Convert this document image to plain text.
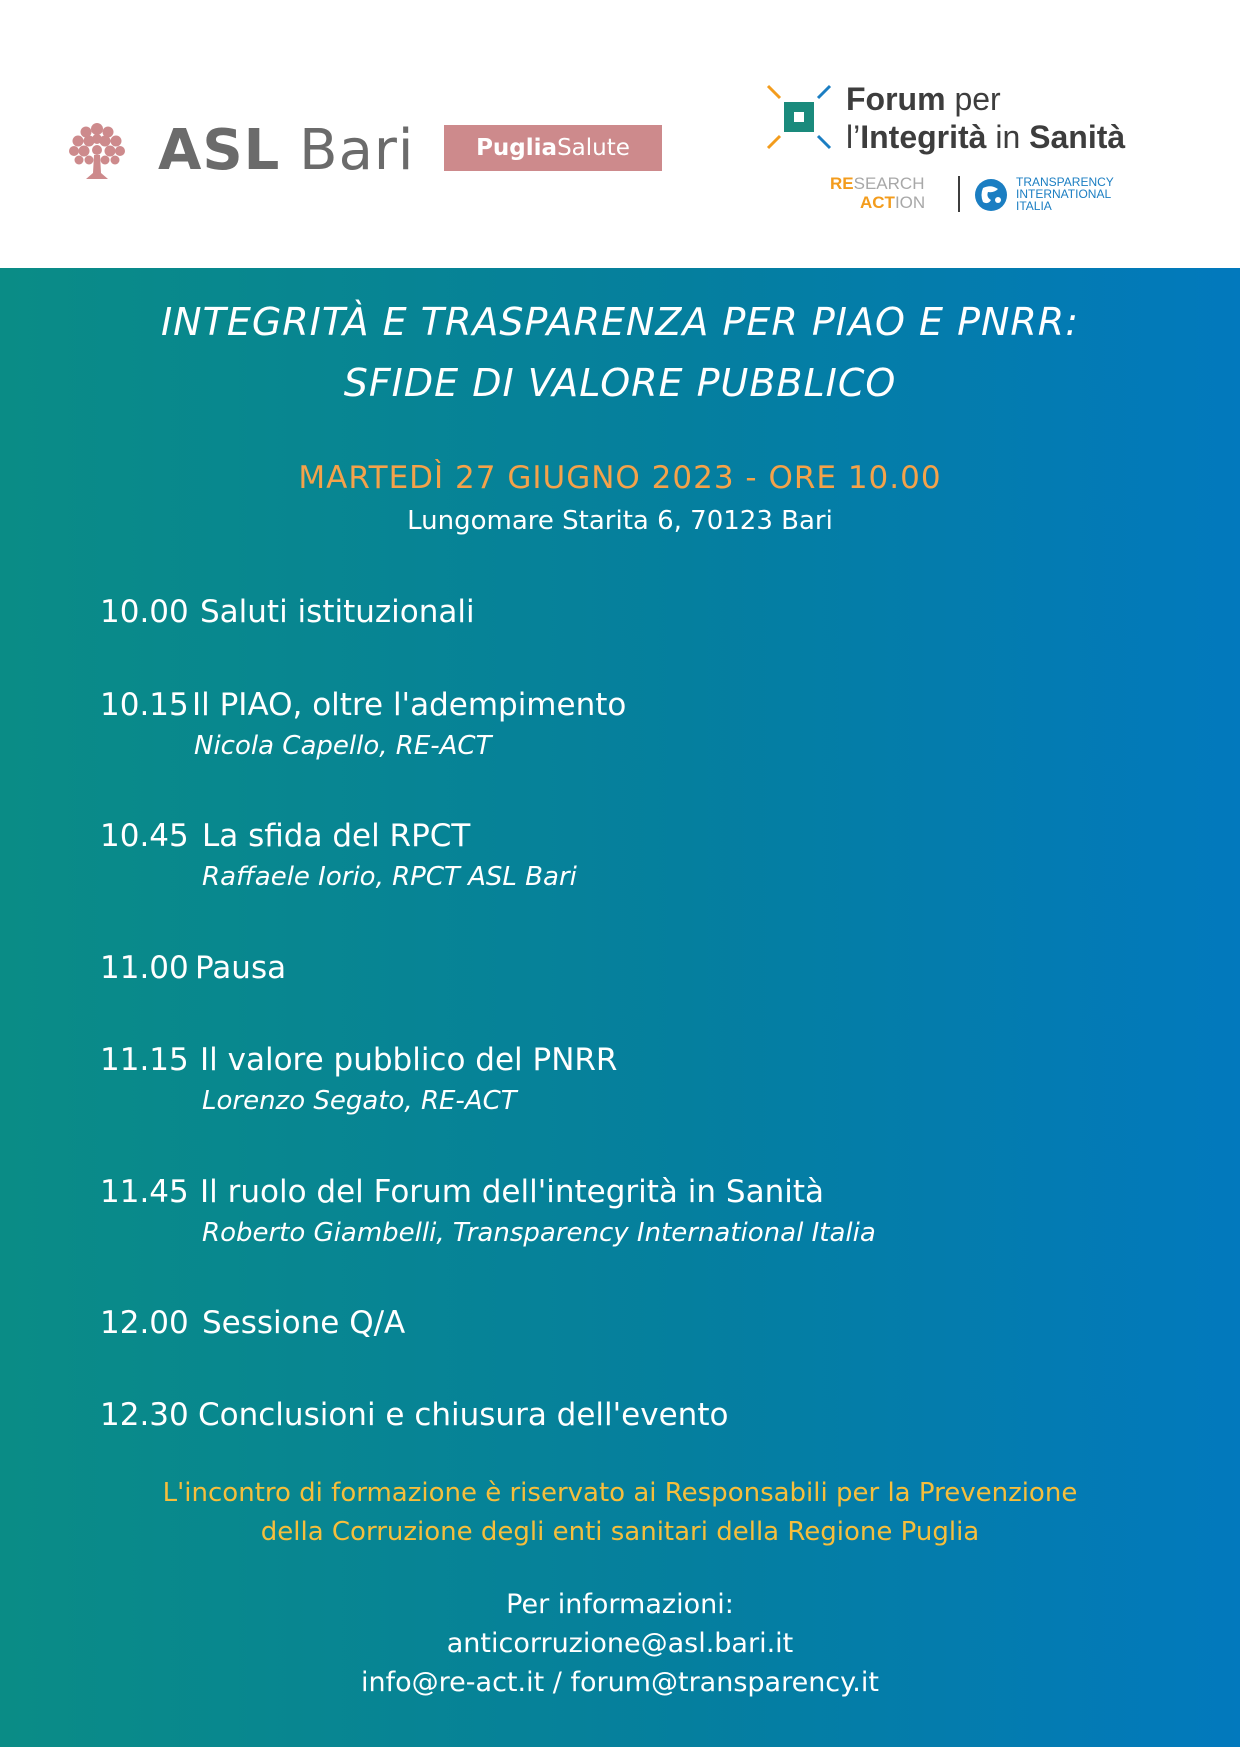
ASL Bari	PugliaSalute
Forum per
l’Integrità in Sanità
RESEARCH
ACTION
TRANSPARENCY
INTERNATIONAL
ITALIA
INTEGRITÀ E TRASPARENZA PER PIAO E PNRR:
SFIDE DI VALORE PUBBLICO
MARTEDÌ 27 GIUGNO 2023 - ORE 10.00
Lungomare Starita 6, 70123 Bari
10.00 Saluti istituzionali
10.15 Il PIAO, oltre l'adempimento
Nicola Capello, RE-ACT
10.45 La sfida del RPCT
Raffaele Iorio, RPCT ASL Bari
11.00 Pausa
11.15 Il valore pubblico del PNRR
Lorenzo Segato, RE-ACT
11.45 Il ruolo del Forum dell'integrità in Sanità
Roberto Giambelli, Transparency International Italia
12.00 Sessione Q/A
12.30 Conclusioni e chiusura dell'evento
L'incontro di formazione è riservato ai Responsabili per la Prevenzione
della Corruzione degli enti sanitari della Regione Puglia
Per informazioni:
anticorruzione@asl.bari.it
info@re-act.it / forum@transparency.it
